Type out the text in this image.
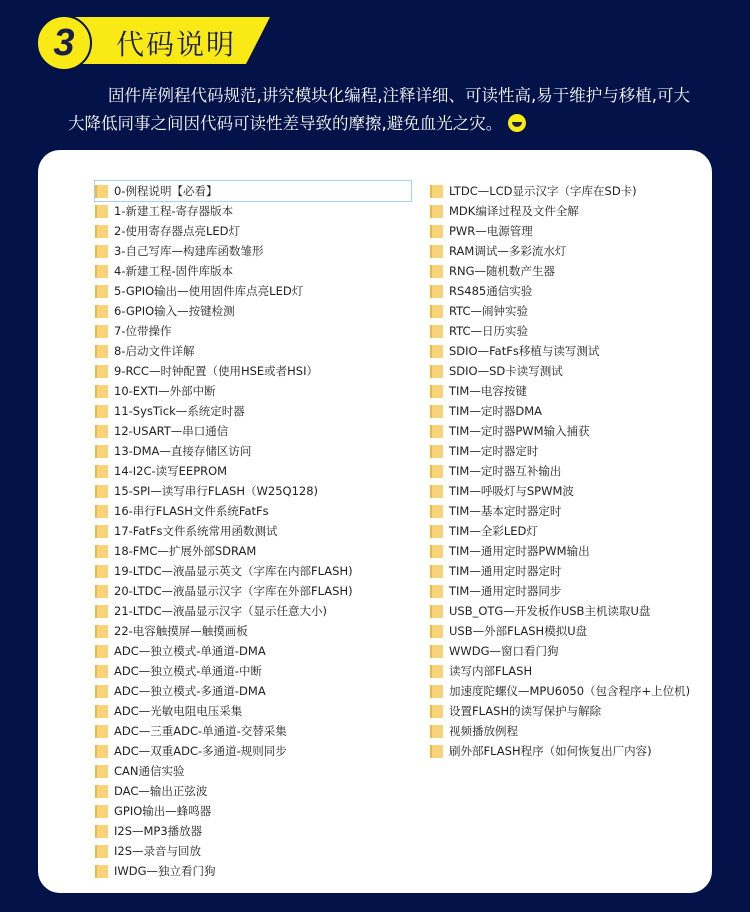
3	代码说明
固件库例程代码规范,讲究模块化编程,注释详细、可读性高,易于维护与移植,可大大降低同事之间因代码可读性差导致的摩擦,避免血光之灾。
0-例程说明【必看】
1-新建工程-寄存器版本
2-使用寄存器点亮LED灯
3-自己写库—构建库函数雏形
4-新建工程-固件库版本
5-GPIO输出—使用固件库点亮LED灯
6-GPIO输入—按键检测
7-位带操作
8-启动文件详解
9-RCC—时钟配置（使用HSE或者HSI）
10-EXTI—外部中断
11-SysTick—系统定时器
12-USART—串口通信
13-DMA—直接存储区访问
14-I2C-读写EEPROM
15-SPI—读写串行FLASH（W25Q128)
16-串行FLASH文件系统FatFs
17-FatFs文件系统常用函数测试
18-FMC—扩展外部SDRAM
19-LTDC—液晶显示英文（字库在内部FLASH)
20-LTDC—液晶显示汉字（字库在外部FLASH)
21-LTDC—液晶显示汉字（显示任意大小)
22-电容触摸屏—触摸画板
ADC—独立模式-单通道-DMA
ADC—独立模式-单通道-中断
ADC—独立模式-多通道-DMA
ADC—光敏电阻电压采集
ADC—三重ADC-单通道-交替采集
ADC—双重ADC-多通道-规则同步
CAN通信实验
DAC—输出正弦波
GPIO输出—蜂鸣器
I2S—MP3播放器
I2S—录音与回放
IWDG—独立看门狗
LTDC—LCD显示汉字（字库在SD卡)
MDK编译过程及文件全解
PWR—电源管理
RAM调试—多彩流水灯
RNG—随机数产生器
RS485通信实验
RTC—闹钟实验
RTC—日历实验
SDIO—FatFs移植与读写测试
SDIO—SD卡读写测试
TIM—电容按键
TIM—定时器DMA
TIM—定时器PWM输入捕获
TIM—定时器定时
TIM—定时器互补输出
TIM—呼吸灯与SPWM波
TIM—基本定时器定时
TIM—全彩LED灯
TIM—通用定时器PWM输出
TIM—通用定时器定时
TIM—通用定时器同步
USB_OTG—开发板作USB主机读取U盘
USB—外部FLASH模拟U盘
WWDG—窗口看门狗
读写内部FLASH
加速度陀螺仪—MPU6050（包含程序+上位机)
设置FLASH的读写保护与解除
视频播放例程
刷外部FLASH程序（如何恢复出厂内容)
